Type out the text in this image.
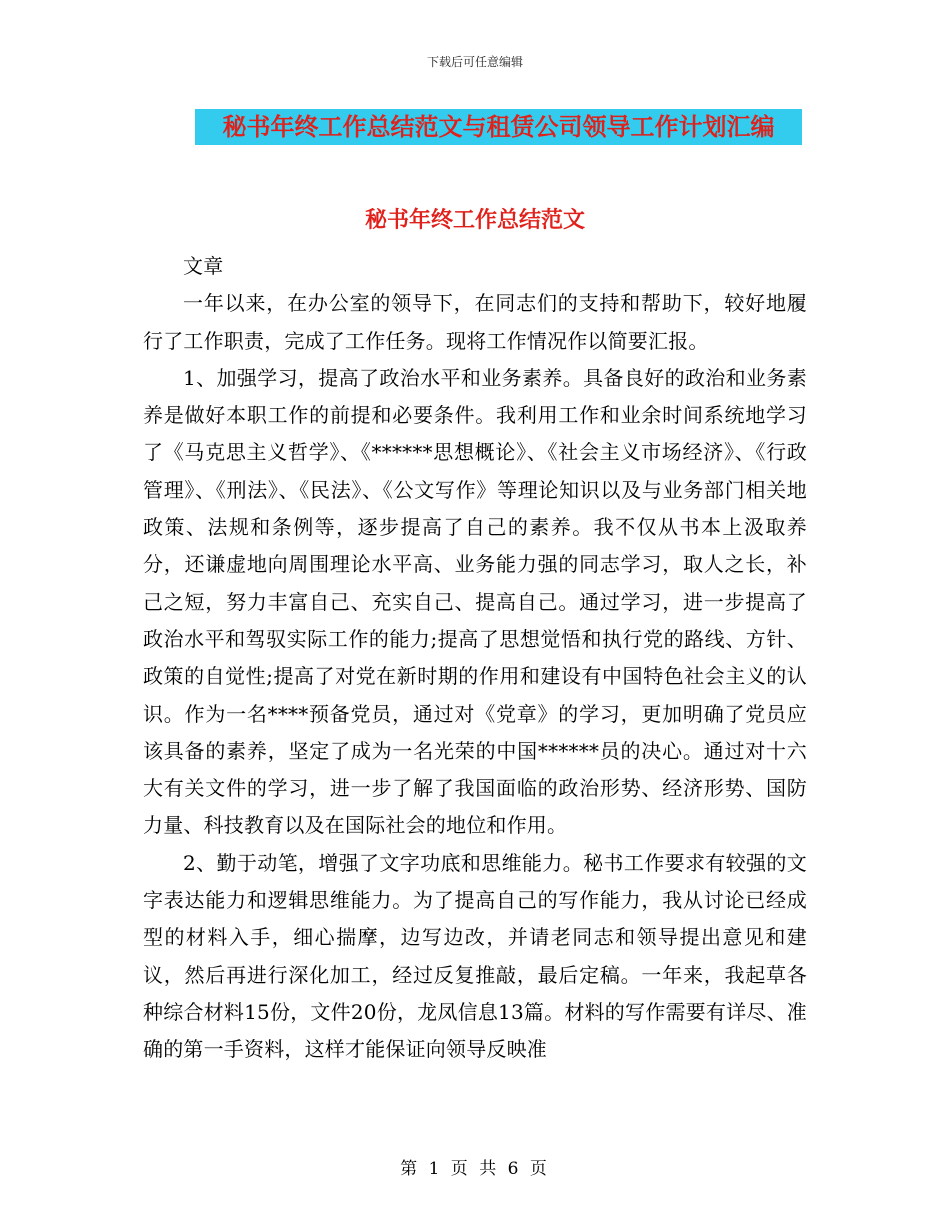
下载后可任意编辑
秘书年终工作总结范文与租赁公司领导工作计划汇编
秘书年终工作总结范文

文章

一年以来，在办公室的领导下，在同志们的支持和帮助下，较好地履行了工作职责，完成了工作任务。现将工作情况作以简要汇报。

1、加强学习，提高了政治水平和业务素养。具备良好的政治和业务素养是做好本职工作的前提和必要条件。我利用工作和业余时间系统地学习了《马克思主义哲学》、《******思想概论》、《社会主义市场经济》、《行政管理》、《刑法》、《民法》、《公文写作》等理论知识以及与业务部门相关地政策、法规和条例等，逐步提高了自己的素养。我不仅从书本上汲取养分，还谦虚地向周围理论水平高、业务能力强的同志学习，取人之长，补己之短，努力丰富自己、充实自己、提高自己。通过学习，进一步提高了政治水平和驾驭实际工作的能力;提高了思想觉悟和执行党的路线、方针、政策的自觉性;提高了对党在新时期的作用和建设有中国特色社会主义的认识。作为一名****预备党员，通过对《党章》的学习，更加明确了党员应该具备的素养，坚定了成为一名光荣的中国******员的决心。通过对十六大有关文件的学习，进一步了解了我国面临的政治形势、经济形势、国防力量、科技教育以及在国际社会的地位和作用。

2、勤于动笔，增强了文字功底和思维能力。秘书工作要求有较强的文字表达能力和逻辑思维能力。为了提高自己的写作能力，我从讨论已经成型的材料入手，细心揣摩，边写边改，并请老同志和领导提出意见和建议，然后再进行深化加工，经过反复推敲，最后定稿。一年来，我起草各种综合材料15份，文件20份，龙凤信息13篇。材料的写作需要有详尽、准确的第一手资料，这样才能保证向领导反映准

第 1 页 共 6 页
